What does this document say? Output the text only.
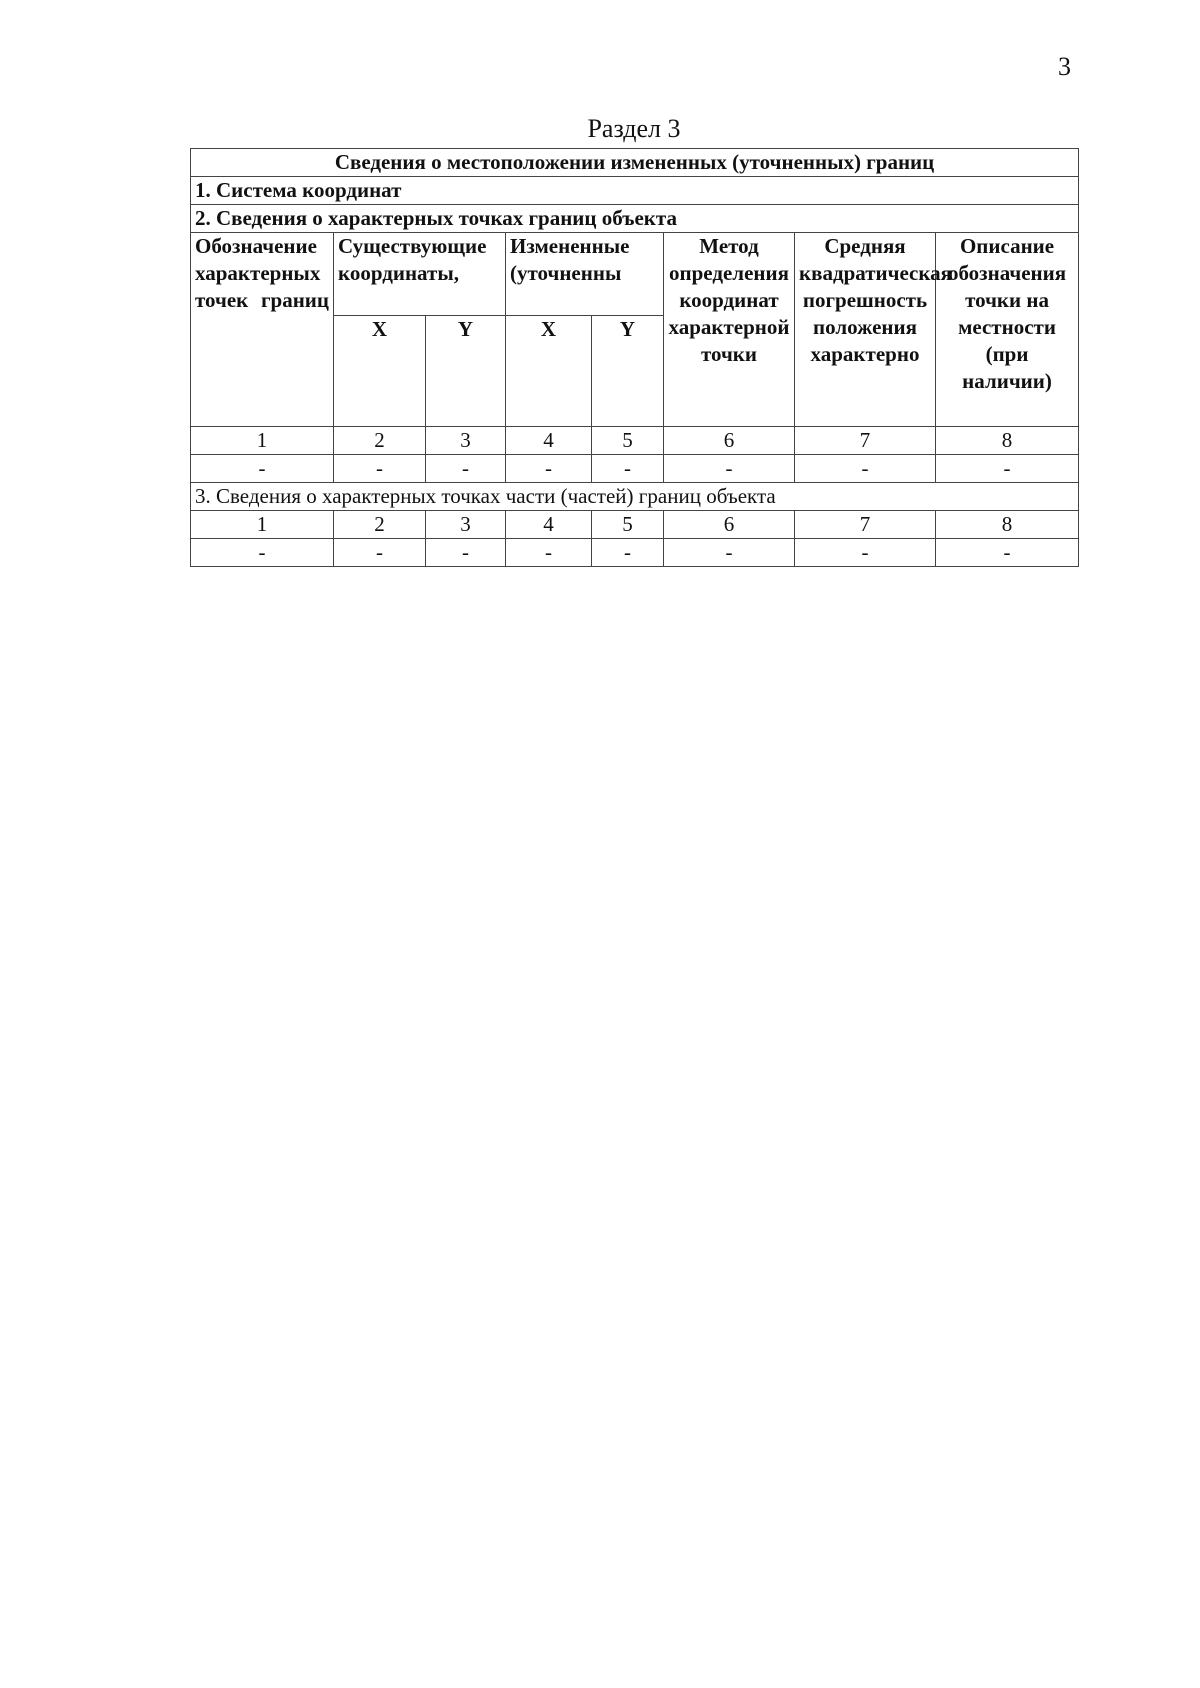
3
Раздел 3
Сведения о местоположении измененных (уточненных) границ							
1. Система координат							
2. Сведения о характерных точках границ объекта							
Обозначение характерных точек границ	Существующие координаты,		Измененные (уточненны		Метод определения координат характерной точки	Средняя квадратическая погрешность положения характерно	Описание обозначения точки на местности (при наличии)
	X	Y	X	Y			
1	2	3	4	5	6	7	8
-	-	-	-	-	-	-	-
3. Сведения о характерных точках части (частей) границ объекта							
1	2	3	4	5	6	7	8
-	-	-	-	-	-	-	-
